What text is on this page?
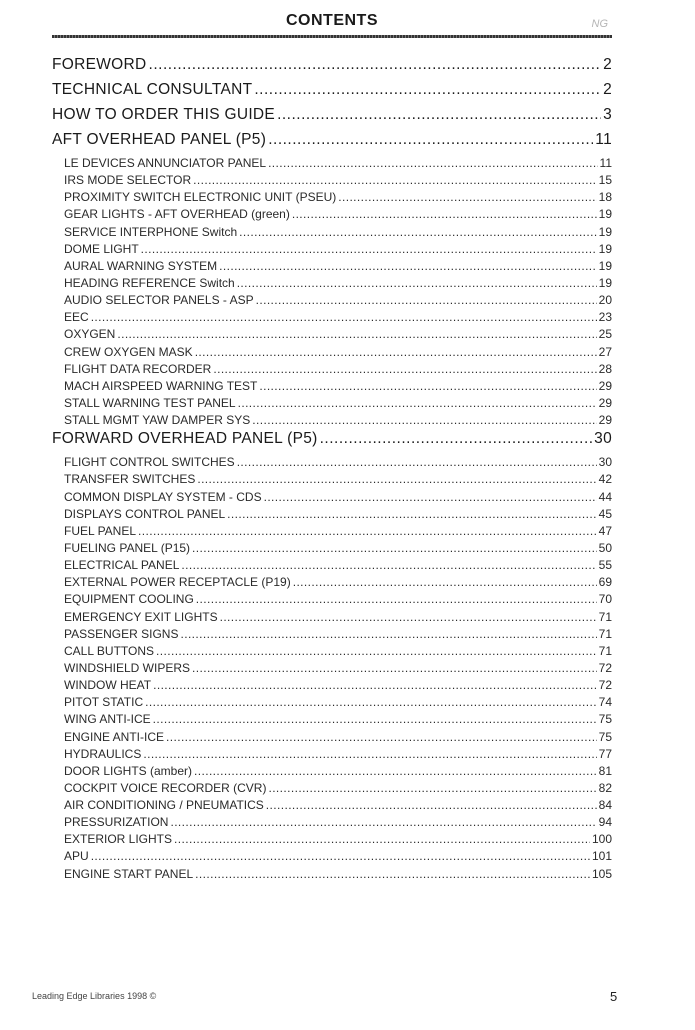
CONTENTS	NG
FOREWORD .....	2
TECHNICAL CONSULTANT .....	2
HOW TO ORDER THIS GUIDE .....	3
AFT OVERHEAD PANEL (P5) .....	11
LE DEVICES ANNUNCIATOR PANEL .....	11
IRS MODE SELECTOR .....	15
PROXIMITY SWITCH ELECTRONIC UNIT (PSEU) .....	18
GEAR LIGHTS - AFT OVERHEAD (green) .....	19
SERVICE INTERPHONE Switch .....	19
DOME LIGHT .....	19
AURAL WARNING SYSTEM .....	19
HEADING REFERENCE Switch .....	19
AUDIO SELECTOR PANELS - ASP .....	20
EEC .....	23
OXYGEN .....	25
CREW OXYGEN MASK .....	27
FLIGHT DATA RECORDER .....	28
MACH AIRSPEED WARNING TEST .....	29
STALL WARNING TEST PANEL .....	29
STALL MGMT YAW DAMPER SYS .....	29
FORWARD OVERHEAD PANEL (P5) .....	30
FLIGHT CONTROL SWITCHES .....	30
TRANSFER SWITCHES .....	42
COMMON DISPLAY SYSTEM - CDS .....	44
DISPLAYS CONTROL PANEL .....	45
FUEL PANEL .....	47
FUELING PANEL (P15) .....	50
ELECTRICAL PANEL .....	55
EXTERNAL POWER RECEPTACLE (P19) .....	69
EQUIPMENT COOLING .....	70
EMERGENCY EXIT LIGHTS .....	71
PASSENGER SIGNS .....	71
CALL BUTTONS .....	71
WINDSHIELD WIPERS .....	72
WINDOW HEAT .....	72
PITOT STATIC .....	74
WING ANTI-ICE .....	75
ENGINE ANTI-ICE .....	75
HYDRAULICS .....	77
DOOR LIGHTS (amber) .....	81
COCKPIT VOICE RECORDER (CVR) .....	82
AIR CONDITIONING / PNEUMATICS .....	84
PRESSURIZATION .....	94
EXTERIOR LIGHTS .....	100
APU .....	101
ENGINE START PANEL .....	105
Leading Edge Libraries 1998 ©	5
